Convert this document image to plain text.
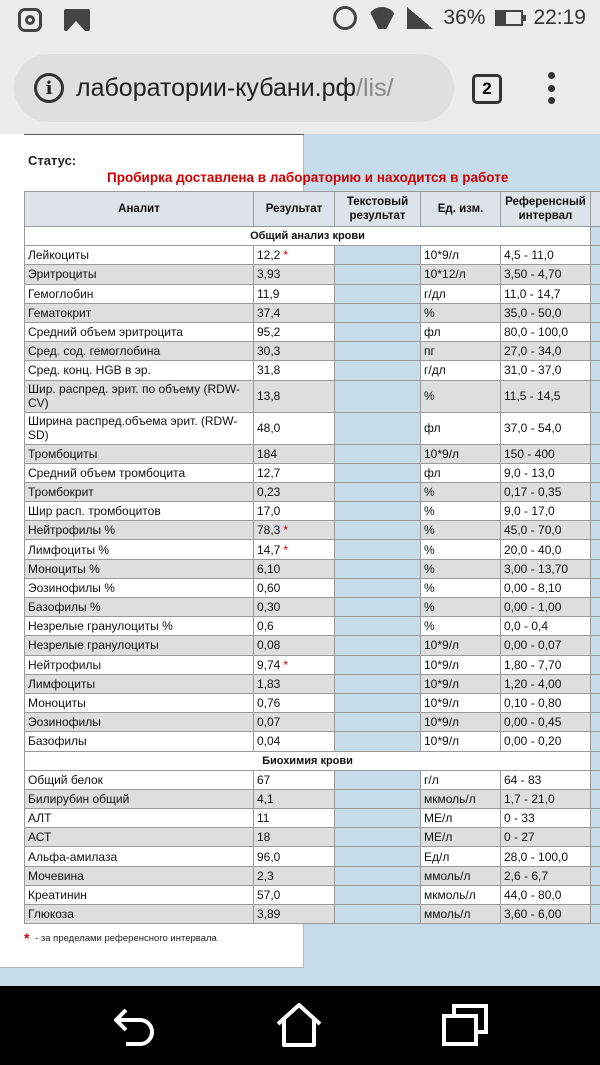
36% 22:19
i лаборатории-кубани.рф /lis/	2
Статус:
Пробирка доставлена в лабораторию и находится в работе
Аналит	Результат	Текстовый результат	Ед. изм.	Референсный интервал	
Общий анализ крови					
Лейкоциты	12,2 *		10*9/л	4,5 - 11,0	
Эритроциты	3,93		10*12/л	3,50 - 4,70	
Гемоглобин	11,9		г/дл	11,0 - 14,7	
Гематокрит	37,4		%	35,0 - 50,0	
Средний объем эритроцита	95,2		фл	80,0 - 100,0	
Сред. сод. гемоглобина	30,3		пг	27,0 - 34,0	
Сред. конц. HGB в эр.	31,8		г/дл	31,0 - 37,0	
Шир. распред. эрит. по объему (RDW-CV)	13,8		%	11,5 - 14,5	
Ширина распред.объема эрит. (RDW-SD)	48,0		фл	37,0 - 54,0	
Тромбоциты	184		10*9/л	150 - 400	
Средний объем тромбоцита	12,7		фл	9,0 - 13,0	
Тромбокрит	0,23		%	0,17 - 0,35	
Шир расп. тромбоцитов	17,0		%	9,0 - 17,0	
Нейтрофилы %	78,3 *		%	45,0 - 70,0	
Лимфоциты %	14,7 *		%	20,0 - 40,0	
Моноциты %	6,10		%	3,00 - 13,70	
Эозинофилы %	0,60		%	0,00 - 8,10	
Базофилы %	0,30		%	0,00 - 1,00	
Незрелые гранулоциты %	0,6		%	0,0 - 0,4	
Незрелые гранулоциты	0,08		10*9/л	0,00 - 0,07	
Нейтрофилы	9,74 *		10*9/л	1,80 - 7,70	
Лимфоциты	1,83		10*9/л	1,20 - 4,00	
Моноциты	0,76		10*9/л	0,10 - 0,80	
Эозинофилы	0,07		10*9/л	0,00 - 0,45	
Базофилы	0,04		10*9/л	0,00 - 0,20	
Биохимия крови					
Общий белок	67		г/л	64 - 83	
Билирубин общий	4,1		мкмоль/л	1,7 - 21,0	
АЛТ	11		МЕ/л	0 - 33	
АСТ	18		МЕ/л	0 - 27	
Альфа-амилаза	96,0		Ед/л	28,0 - 100,0	
Мочевина	2,3		ммоль/л	2,6 - 6,7	
Креатинин	57,0		мкмоль/л	44,0 - 80,0	
Глюкоза	3,89		ммоль/л	3,60 - 6,00	
* - за пределами референсного интервала
